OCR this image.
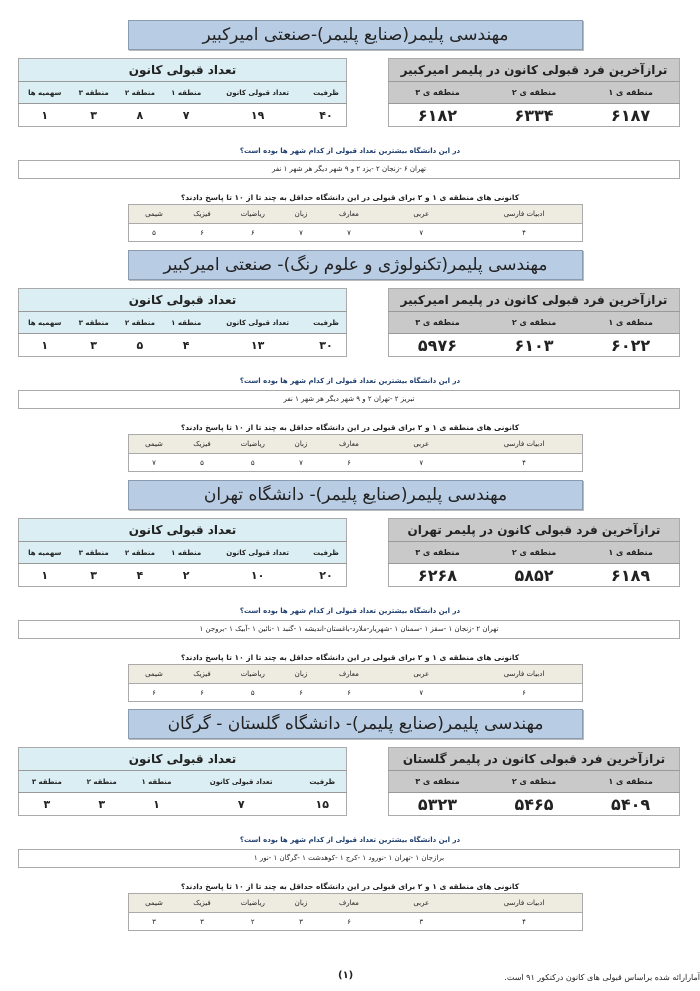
ترازآخرین فرد قبولی کانون در پلیمر امیرکبیر		
منطقه ی ۱	منطقه ی ۲	منطقه ی ۳
۶۱۸۷	۶۳۳۴	۶۱۸۲
تعداد قبولی کانون					
ظرفیت	تعداد قبولی کانون	منطقه ۱	منطقه ۲	منطقه ۳	سهمیه ها
۴۰	۱۹	۷	۸	۳	۱
مهندسی پلیمر(صنایع پلیمر)-صنعتی امیرکبیر
در این دانشگاه بیشترین تعداد قبولی از کدام شهر ها بوده است؟
تهران ۶ -زنجان ۲ -یزد ۲ و ۹ شهر دیگر هر شهر ۱ نفر
کانونی های منطقه ی ۱ و ۲ برای قبولی در این دانشگاه حداقل به چند تا از ۱۰ تا پاسخ دادند؟
ادبیات فارسی	عربی	معارف	زبان	ریاضیات	فیزیک	شیمی
۴	۷	۷	۷	۶	۶	۵
ترازآخرین فرد قبولی کانون در پلیمر امیرکبیر		
منطقه ی ۱	منطقه ی ۲	منطقه ی ۳
۶۰۲۲	۶۱۰۳	۵۹۷۶
تعداد قبولی کانون					
ظرفیت	تعداد قبولی کانون	منطقه ۱	منطقه ۲	منطقه ۳	سهمیه ها
۳۰	۱۳	۴	۵	۳	۱
مهندسی پلیمر(تکنولوژی و علوم رنگ)- صنعتی امیرکبیر
در این دانشگاه بیشترین تعداد قبولی از کدام شهر ها بوده است؟
تبریز ۲ -تهران ۲ و ۹ شهر دیگر هر شهر ۱ نفر
کانونی های منطقه ی ۱ و ۲ برای قبولی در این دانشگاه حداقل به چند تا از ۱۰ تا پاسخ دادند؟
ادبیات فارسی	عربی	معارف	زبان	ریاضیات	فیزیک	شیمی
۴	۷	۶	۷	۵	۵	۷
ترازآخرین فرد قبولی کانون در پلیمر تهران		
منطقه ی ۱	منطقه ی ۲	منطقه ی ۳
۶۱۸۹	۵۸۵۲	۶۲۶۸
تعداد قبولی کانون					
ظرفیت	تعداد قبولی کانون	منطقه ۱	منطقه ۲	منطقه ۳	سهمیه ها
۲۰	۱۰	۲	۴	۳	۱
مهندسی پلیمر(صنایع پلیمر)- دانشگاه تهران
در این دانشگاه بیشترین تعداد قبولی از کدام شهر ها بوده است؟
تهران ۲ -زنجان ۱ -سقز ۱ -سمنان ۱ -شهریار-ملارد-باغستان-اندیشه ۱ -گنبد ۱ -نائین ۱ -آبیک ۱ -بروجن ۱
کانونی های منطقه ی ۱ و ۲ برای قبولی در این دانشگاه حداقل به چند تا از ۱۰ تا پاسخ دادند؟
ادبیات فارسی	عربی	معارف	زبان	ریاضیات	فیزیک	شیمی
۶	۷	۶	۶	۵	۶	۶
ترازآخرین فرد قبولی کانون در پلیمر گلستان		
منطقه ی ۱	منطقه ی ۲	منطقه ی ۳
۵۴۰۹	۵۴۶۵	۵۳۲۳
تعداد قبولی کانون					
ظرفیت	تعداد قبولی کانون	منطقه ۱	منطقه ۲	منطقه ۳	
۱۵	۷	۱	۳	۳	
مهندسی پلیمر(صنایع پلیمر)- دانشگاه گلستان - گرگان
در این دانشگاه بیشترین تعداد قبولی از کدام شهر ها بوده است؟
برازجان ۱ -تهران ۱ -نورود ۱ -کرج ۱ -کوهدشت ۱ -گرگان ۱ -نور ۱
کانونی های منطقه ی ۱ و ۲ برای قبولی در این دانشگاه حداقل به چند تا از ۱۰ تا پاسخ دادند؟
ادبیات فارسی	عربی	معارف	زبان	ریاضیات	فیزیک	شیمی
۴	۳	۶	۳	۲	۳	۳
(۱)	آمارارائه شده براساس قبولی های کانون درکنکور ۹۱ است.
